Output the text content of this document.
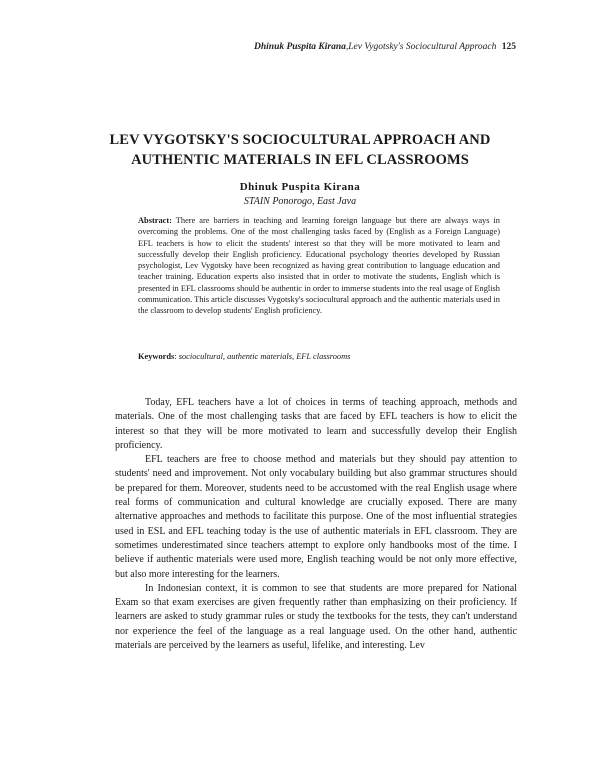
Dhinuk Puspita Kirana,Lev Vygotsky's Sociocultural Approach 125
LEV VYGOTSKY'S SOCIOCULTURAL APPROACH AND
AUTHENTIC MATERIALS IN EFL CLASSROOMS
Dhinuk Puspita Kirana
STAIN Ponorogo, East Java

Abstract: There are barriers in teaching and learning foreign language but there are always ways in overcoming the problems. One of the most challenging tasks faced by (English as a Foreign Language) EFL teachers is how to elicit the students' interest so that they will be more motivated to learn and successfully develop their English proficiency. Educational psychology theories developed by Russian psychologist, Lev Vygotsky have been recognized as having great contribution to language education and teacher training. Education experts also insisted that in order to motivate the students, English which is presented in EFL classrooms should be authentic in order to immerse students into the real usage of English communication. This article discusses Vygotsky's sociocultural approach and the authentic materials used in the classroom to develop students' English proficiency.

Keywords: sociocultural, authentic materials, EFL classrooms

Today, EFL teachers have a lot of choices in terms of teaching approach, methods and materials. One of the most challenging tasks that are faced by EFL teachers is how to elicit the interest so that they will be more motivated to learn and successfully develop their English proficiency.

EFL teachers are free to choose method and materials but they should pay attention to students' need and improvement. Not only vocabulary building but also grammar structures should be prepared for them. Moreover, students need to be accustomed with the real English usage where real forms of communication and cultural knowledge are crucially exposed. There are many alternative approaches and methods to facilitate this purpose. One of the most influential strategies used in ESL and EFL teaching today is the use of authentic materials in EFL classroom. They are sometimes underestimated since teachers attempt to explore only handbooks most of the time. I believe if authentic materials were used more, English teaching would be not only more effective, but also more interesting for the learners.

In Indonesian context, it is common to see that students are more prepared for National Exam so that exam exercises are given frequently rather than emphasizing on their proficiency. If learners are asked to study grammar rules or study the textbooks for the tests, they can't understand nor experience the feel of the language as a real language used. On the other hand, authentic materials are perceived by the learners as useful, lifelike, and interesting. Lev
